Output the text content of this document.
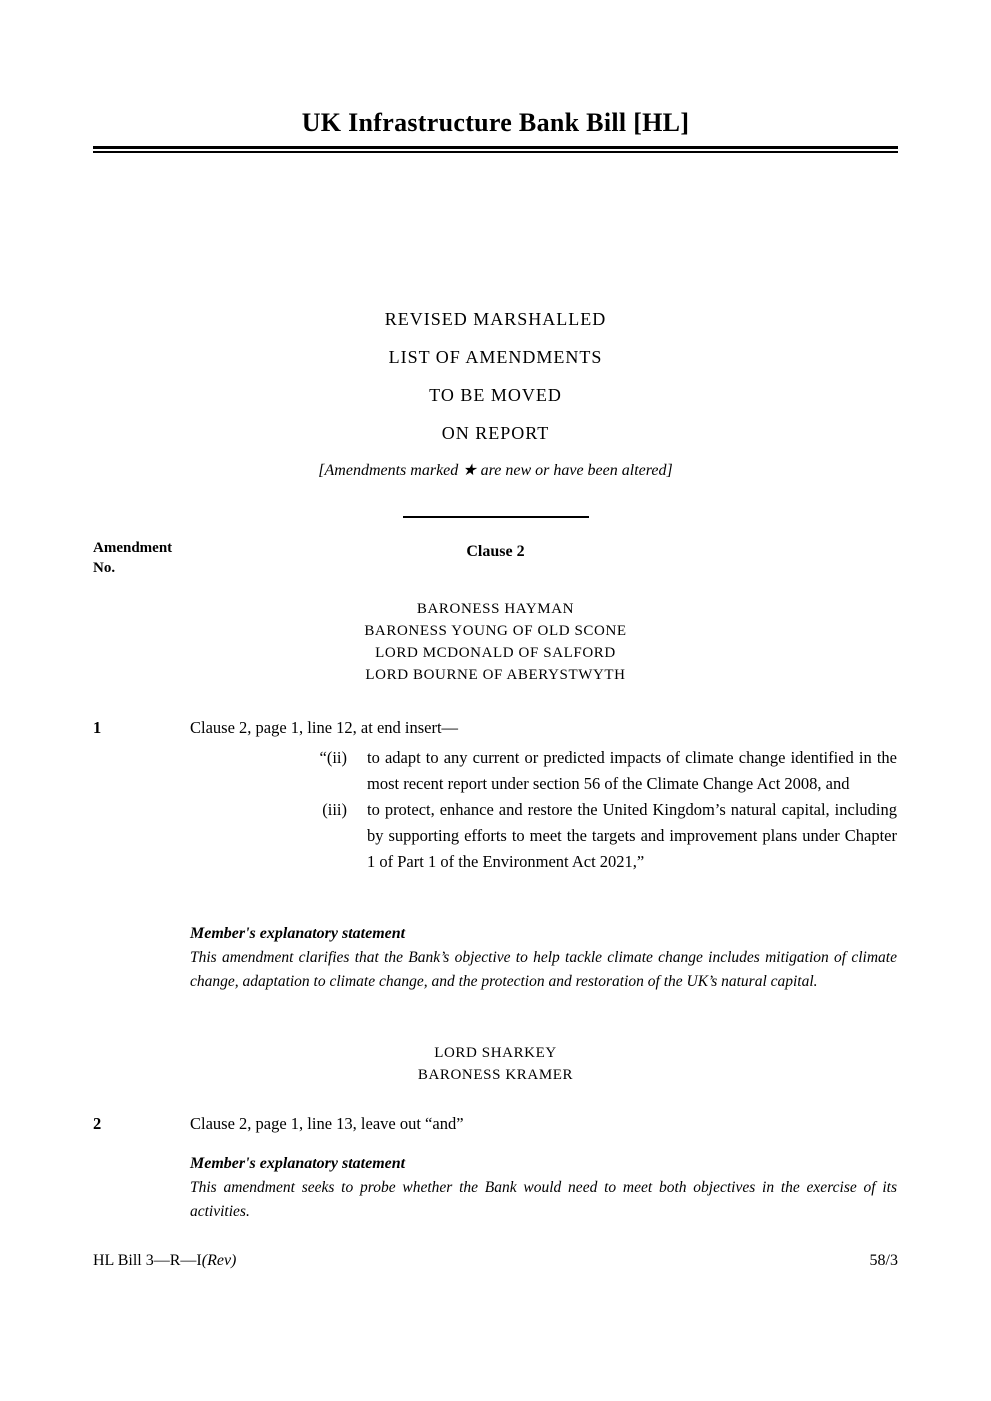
UK Infrastructure Bank Bill [HL]
REVISED MARSHALLED
LIST OF AMENDMENTS
TO BE MOVED
ON REPORT
[Amendments marked ★ are new or have been altered]
Amendment
No.
Clause 2
BARONESS HAYMAN
BARONESS YOUNG OF OLD SCONE
LORD MCDONALD OF SALFORD
LORD BOURNE OF ABERYSTWYTH
1	Clause 2, page 1, line 12, at end insert—
“(ii) to adapt to any current or predicted impacts of climate change identified in the most recent report under section 56 of the Climate Change Act 2008, and
(iii) to protect, enhance and restore the United Kingdom’s natural capital, including by supporting efforts to meet the targets and improvement plans under Chapter 1 of Part 1 of the Environment Act 2021,”
Member's explanatory statement
This amendment clarifies that the Bank’s objective to help tackle climate change includes mitigation of climate change, adaptation to climate change, and the protection and restoration of the UK’s natural capital.
LORD SHARKEY
BARONESS KRAMER
2	Clause 2, page 1, line 13, leave out “and”
Member's explanatory statement
This amendment seeks to probe whether the Bank would need to meet both objectives in the exercise of its activities.
HL Bill 3—R—I(Rev)	58/3
